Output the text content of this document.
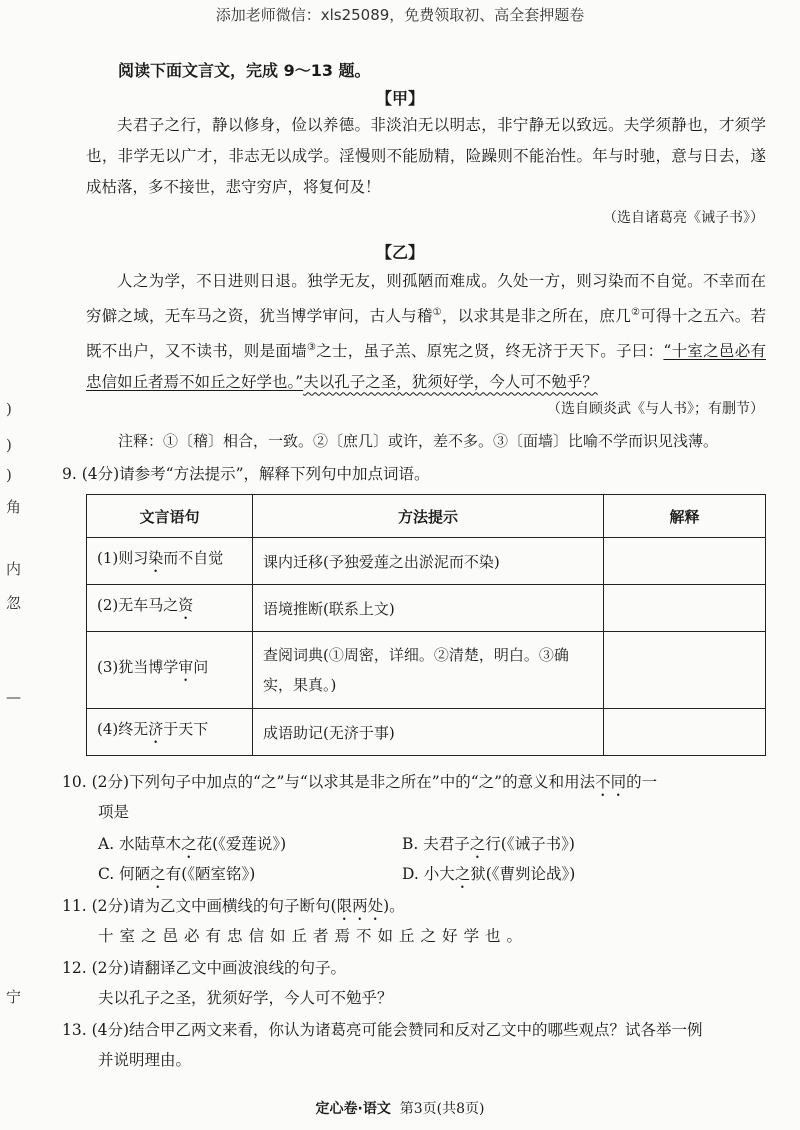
添加老师微信：xls25089，免费领取初、高全套押题卷
阅读下面文言文，完成 9～13 题。
【甲】
夫君子之行，静以修身，俭以养德。非淡泊无以明志，非宁静无以致远。夫学须静也，才须学也，非学无以广才，非志无以成学。淫慢则不能励精，险躁则不能治性。年与时驰，意与日去，遂成枯落，多不接世，悲守穷庐，将复何及！
（选自诸葛亮《诫子书》）
【乙】
人之为学，不日进则日退。独学无友，则孤陋而难成。久处一方，则习染而不自觉。不幸而在穷僻之域，无车马之资，犹当博学审问，古人与稽①，以求其是非之所在，庶几②可得十之五六。若既不出户，又不读书，则是面墙③之士，虽子羔、原宪之贤，终无济于天下。子曰：“十室之邑必有忠信如丘者焉不如丘之好学也。”夫以孔子之圣，犹须好学，今人可不勉乎？
（选自顾炎武《与人书》；有删节）
注释：①〔稽〕相合，一致。②〔庶几〕或许，差不多。③〔面墙〕比喻不学而识见浅薄。
9. (4分)请参考“方法提示”，解释下列句中加点词语。
文言语句	方法提示	解释
(1)则习染而不自觉	课内迁移(予独爱莲之出淤泥而不染)	
(2)无车马之资	语境推断(联系上文)	
(3)犹当博学审问	查阅词典(①周密，详细。②清楚，明白。③确实，果真。)	
(4)终无济于天下	成语助记(无济于事)	
10. (2分)下列句子中加点的“之”与“以求其是非之所在”中的“之”的意义和用法不同的一
项是
A. 水陆草木之花(《爱莲说》)	B. 夫君子之行(《诫子书》)
C. 何陋之有(《陋室铭》)	D. 小大之狱(《曹刿论战》)
11. (2分)请为乙文中画横线的句子断句(限两处)。
十室之邑必有忠信如丘者焉不如丘之好学也。
12. (2分)请翻译乙文中画波浪线的句子。
夫以孔子之圣，犹须好学，今人可不勉乎？
13. (4分)结合甲乙两文来看，你认为诸葛亮可能会赞同和反对乙文中的哪些观点？试各举一例
并说明理由。
)
)
)
角
内
忽
—
宁
定心卷·语文 第3页(共8页)
